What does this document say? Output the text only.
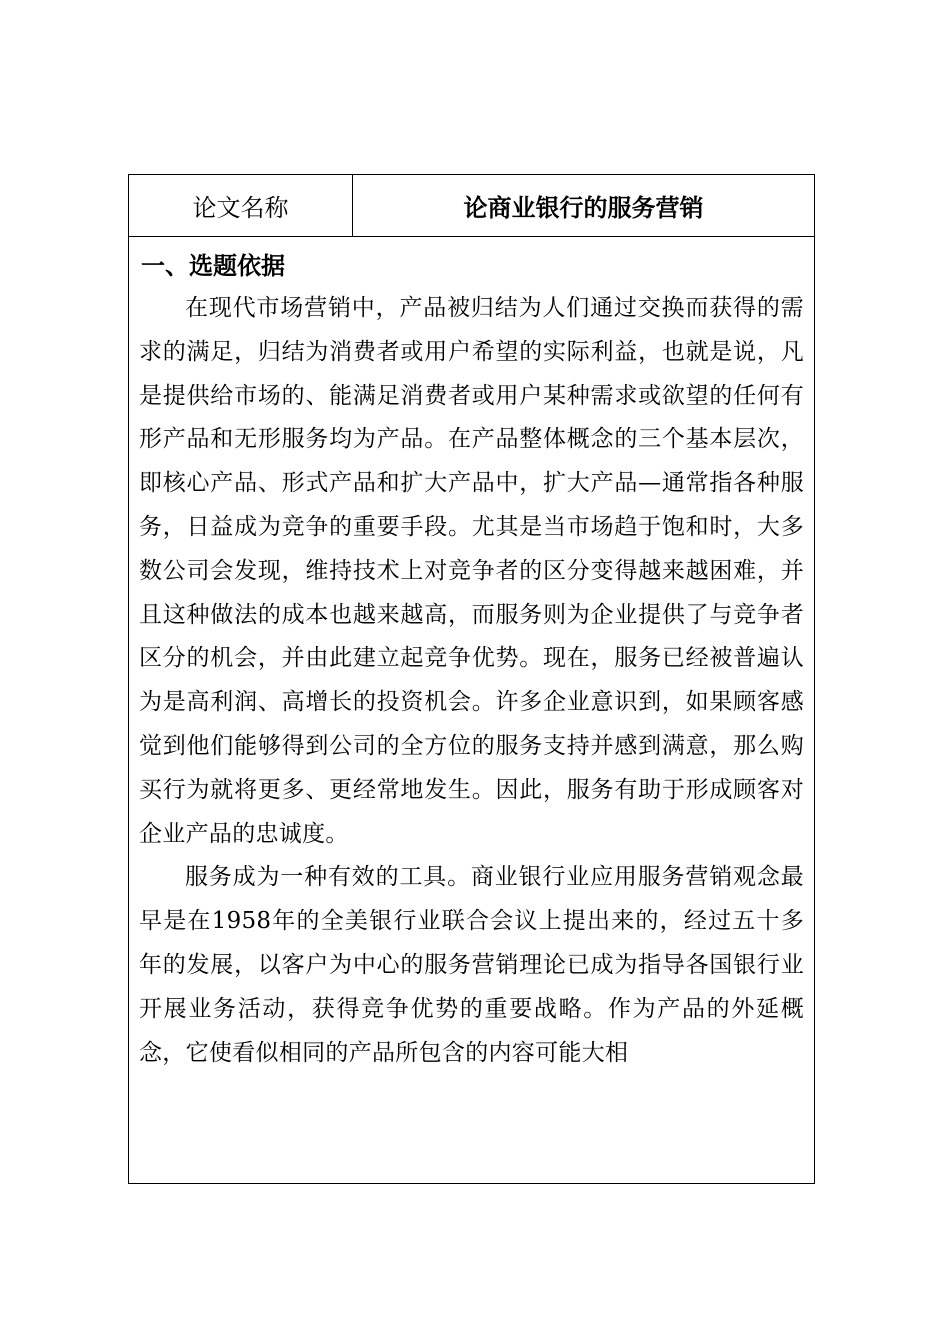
论文名称	论商业银行的服务营销

一、选题依据

在现代市场营销中，产品被归结为人们通过交换而获得的需求的满足，归结为消费者或用户希望的实际利益，也就是说，凡是提供给市场的、能满足消费者或用户某种需求或欲望的任何有形产品和无形服务均为产品。在产品整体概念的三个基本层次，即核心产品、形式产品和扩大产品中，扩大产品—通常指各种服务，日益成为竞争的重要手段。尤其是当市场趋于饱和时，大多数公司会发现，维持技术上对竞争者的区分变得越来越困难，并且这种做法的成本也越来越高，而服务则为企业提供了与竞争者区分的机会，并由此建立起竞争优势。现在，服务已经被普遍认为是高利润、高增长的投资机会。许多企业意识到，如果顾客感觉到他们能够得到公司的全方位的服务支持并感到满意，那么购买行为就将更多、更经常地发生。因此，服务有助于形成顾客对企业产品的忠诚度。

服务成为一种有效的工具。商业银行业应用服务营销观念最早是在1958年的全美银行业联合会议上提出来的，经过五十多年的发展，以客户为中心的服务营销理论已成为指导各国银行业开展业务活动，获得竞争优势的重要战略。作为产品的外延概念，它使看似相同的产品所包含的内容可能大相
